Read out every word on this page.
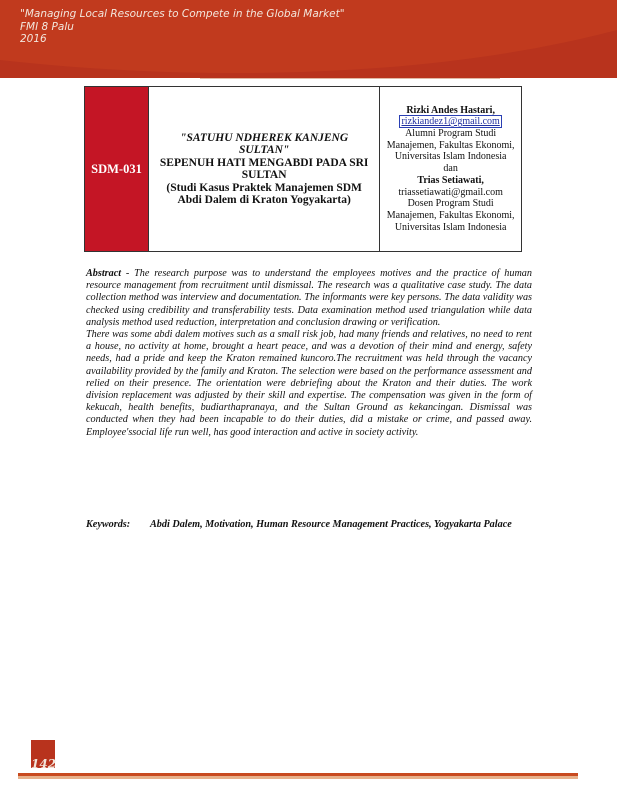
"Managing Local Resources to Compete in the Global Market"
FMI 8 Palu
2016
SDM-031	
"SATUHU NDHEREK KANJENG SULTAN"
SEPENUH HATI MENGABDI PADA SRI SULTAN
(Studi Kasus Praktek Manajemen SDM Abdi Dalem di Kraton Yogyakarta)

Rizki Andes Hastari,
rizkiandez1@gmail.com
Alumni Program Studi Manajemen, Fakultas Ekonomi, Universitas Islam Indonesia
dan
Trias Setiawati,
triassetiawati@gmail.com
Dosen Program Studi Manajemen, Fakultas Ekonomi, Universitas Islam Indonesia

Abstract - The research purpose was to understand the employees motives and the practice of human resource management from recruitment until dismissal. The research was a qualitative case study. The data collection method was interview and documentation. The informants were key persons. The data validity was checked using credibility and transferability tests. Data examination method used triangulation while data analysis method used reduction, interpretation and conclusion drawing or verification.

There was some abdi dalem motives such as a small risk job, had many friends and relatives, no need to rent a house, no activity at home, brought a heart peace, and was a devotion of their mind and energy, safety needs, had a pride and keep the Kraton remained kuncoro.The recruitment was held through the vacancy availability provided by the family and Kraton. The selection were based on the performance assessment and relied on their presence. The orientation were debriefing about the Kraton and their duties. The work division replacement was adjusted by their skill and expertise. The compensation was given in the form of kekucah, health benefits, budiarthapranaya, and the Sultan Ground as kekancingan. Dismissal was conducted when they had been incapable to do their duties, did a mistake or crime, and passed away. Employee'ssocial life run well, has good interaction and active in society activity.

Keywords: Abdi Dalem, Motivation, Human Resource Management Practices, Yogyakarta Palace
142
